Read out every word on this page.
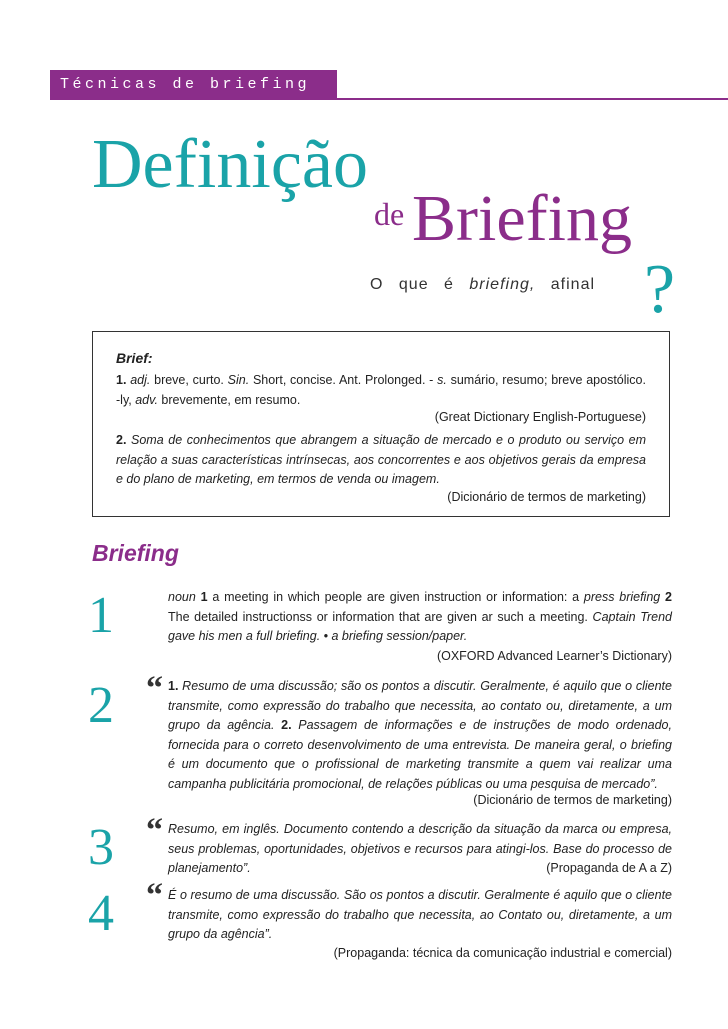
Técnicas de briefing
Definição
de Briefing
O que é briefing, afinal ?
Brief:
1. adj. breve, curto. Sin. Short, concise. Ant. Prolonged. - s. sumário, resumo; breve apostólico. -ly, adv. brevemente, em resumo.
(Great Dictionary English-Portuguese)
2. Soma de conhecimentos que abrangem a situação de mercado e o produto ou serviço em relação a suas características intrínsecas, aos concorrentes e aos objetivos gerais da empresa e do plano de marketing, em termos de venda ou imagem.
(Dicionário de termos de marketing)
Briefing
1	noun 1 a meeting in which people are given instruction or information: a press briefing 2 The detailed instructionss or information that are given ar such a meeting. Captain Trend gave his men a full briefing. • a briefing session/paper.
(OXFORD Advanced Learner’s Dictionary)
2 “ 1. Resumo de uma discussão; são os pontos a discutir. Geralmente, é aquilo que o cliente transmite, como expressão do trabalho que necessita, ao contato ou, diretamente, a um grupo da agência. 2. Passagem de informações e de instruções de modo ordenado, fornecida para o correto desenvolvimento de uma entrevista. De maneira geral, o briefing é um documento que o profissional de marketing transmite a quem vai realizar uma campanha publicitária promocional, de relações públicas ou uma pesquisa de mercado”.
(Dicionário de termos de marketing)
3 “ Resumo, em inglês. Documento contendo a descrição da situação da marca ou empresa, seus problemas, oportunidades, objetivos e recursos para atingi-los. Base do processo de planejamento”.	(Propaganda de A a Z)
4 “ É o resumo de uma discussão. São os pontos a discutir. Geralmente é aquilo que o cliente transmite, como expressão do trabalho que necessita, ao Contato ou, diretamente, a um grupo da agência”.
(Propaganda: técnica da comunicação industrial e comercial)
